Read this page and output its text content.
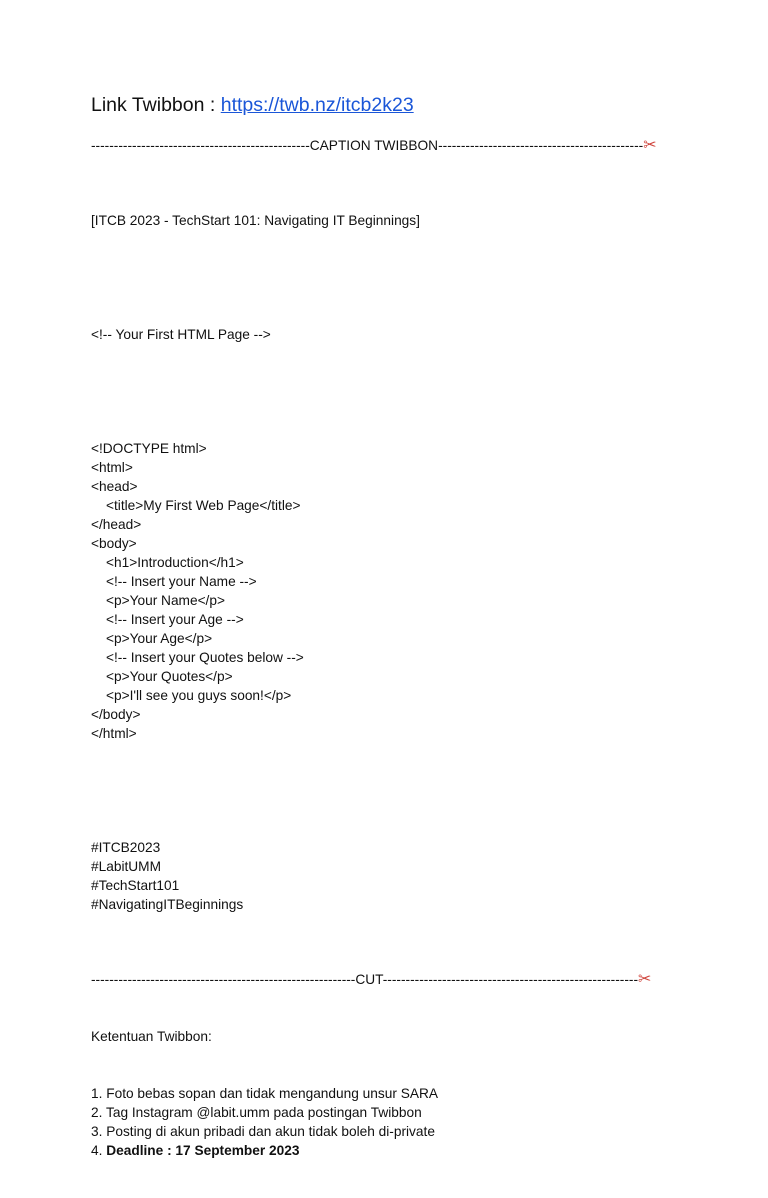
Link Twibbon : https://twb.nz/itcb2k23
------------------------------------------------CAPTION TWIBBON---------------------------------------------✂

[ITCB 2023 - TechStart 101: Navigating IT Beginnings]

<!-- Your First HTML Page -->

<!DOCTYPE html>
<html>
<head>
<title>My First Web Page</title>
</head>
<body>
<h1>Introduction</h1>
<!-- Insert your Name -->
<p>Your Name</p>
<!-- Insert your Age -->
<p>Your Age</p>
<!-- Insert your Quotes below -->
<p>Your Quotes</p>
<p>I'll see you guys soon!</p>
</body>
</html>

#ITCB2023
#LabitUMM
#TechStart101
#NavigatingITBeginnings

----------------------------------------------------------CUT--------------------------------------------------------✂

Ketentuan Twibbon:

1. Foto bebas sopan dan tidak mengandung unsur SARA
2. Tag Instagram @labit.umm pada postingan Twibbon
3. Posting di akun pribadi dan akun tidak boleh di-private
4. Deadline : 17 September 2023
